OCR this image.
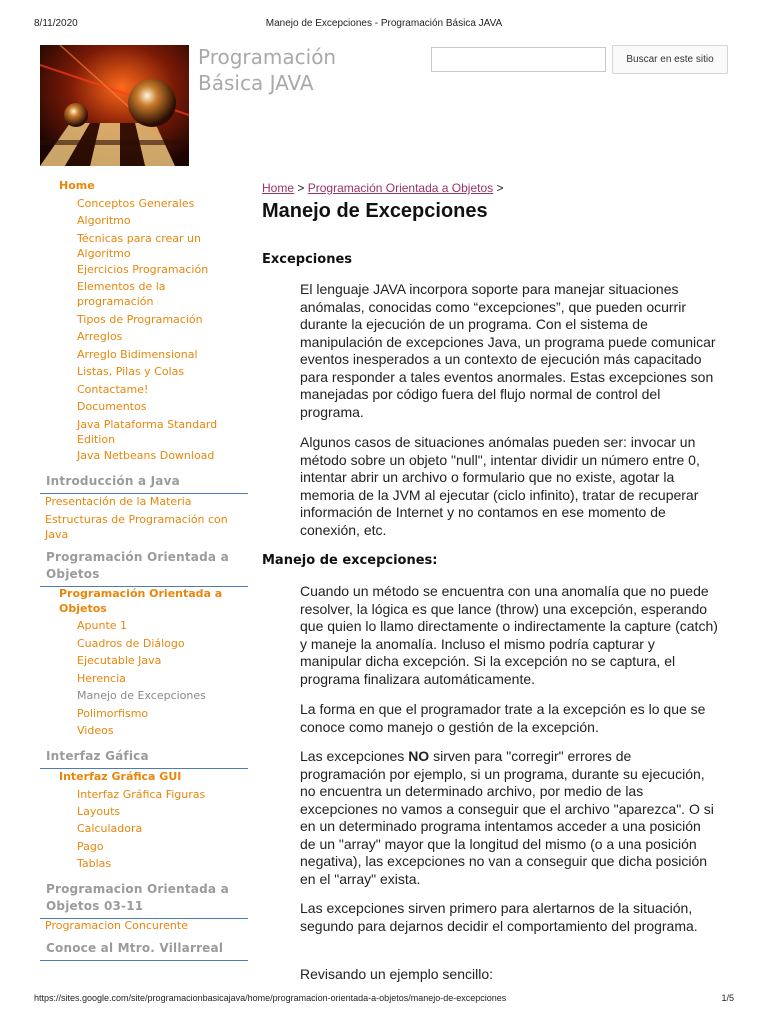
8/11/2020	Manejo de Excepciones - Programación Básica JAVA
Programación
Básica JAVA
Buscar en este sitio
Home
Conceptos Generales
Algoritmo
Técnicas para crear un
Algoritmo
Ejercicios Programación
Elementos de la
programación
Tipos de Programación
Arreglos
Arreglo Bidimensional
Listas, Pilas y Colas
Contactame!
Documentos
Java Plataforma Standard
Edition
Java Netbeans Download
Introducción a Java
Presentación de la Materia
Estructuras de Programación con
Java
Programación Orientada a
Objetos
Programación Orientada a
Objetos
Apunte 1
Cuadros de Diálogo
Ejecutable Java
Herencia
Manejo de Excepciones
Polimorfismo
Videos
Interfaz Gáfica
Interfaz Gráfica GUI
Interfaz Gráfica Figuras
Layouts
Calculadora
Pago
Tablas
Programacion Orientada a
Objetos 03-11
Programacion Concurente
Conoce al Mtro. Villarreal
Home > Programación Orientada a Objetos >
Manejo de Excepciones
Excepciones

El lenguaje JAVA incorpora soporte para manejar situaciones anómalas, conocidas como “excepciones”, que pueden ocurrir durante la ejecución de un programa. Con el sistema de manipulación de excepciones Java, un programa puede comunicar eventos inesperados a un contexto de ejecución más capacitado para responder a tales eventos anormales. Estas excepciones son manejadas por código fuera del flujo normal de control del programa.

Algunos casos de situaciones anómalas pueden ser: invocar un método sobre un objeto "null", intentar dividir un número entre 0, intentar abrir un archivo o formulario que no existe, agotar la memoria de la JVM al ejecutar (ciclo infinito), tratar de recuperar información de Internet y no contamos en ese momento de conexión, etc.

Manejo de excepciones:

Cuando un método se encuentra con una anomalía que no puede resolver, la lógica es que lance (throw) una excepción, esperando que quien lo llamo directamente o indirectamente la capture (catch) y maneje la anomalía. Incluso el mismo podría capturar y manipular dicha excepción. Si la excepción no se captura, el programa finalizara automáticamente.

La forma en que el programador trate a la excepción es lo que se conoce como manejo o gestión de la excepción.

Las excepciones NO sirven para "corregir" errores de programación por ejemplo, si un programa, durante su ejecución, no encuentra un determinado archivo, por medio de las excepciones no vamos a conseguir que el archivo "aparezca". O si en un determinado programa intentamos acceder a una posición de un "array" mayor que la longitud del mismo (o a una posición negativa), las excepciones no van a conseguir que dicha posición en el "array" exista.

Las excepciones sirven primero para alertarnos de la situación, segundo para dejarnos decidir el comportamiento del programa.

Revisando un ejemplo sencillo:

https://sites.google.com/site/programacionbasicajava/home/programacion-orientada-a-objetos/manejo-de-excepciones	1/5
